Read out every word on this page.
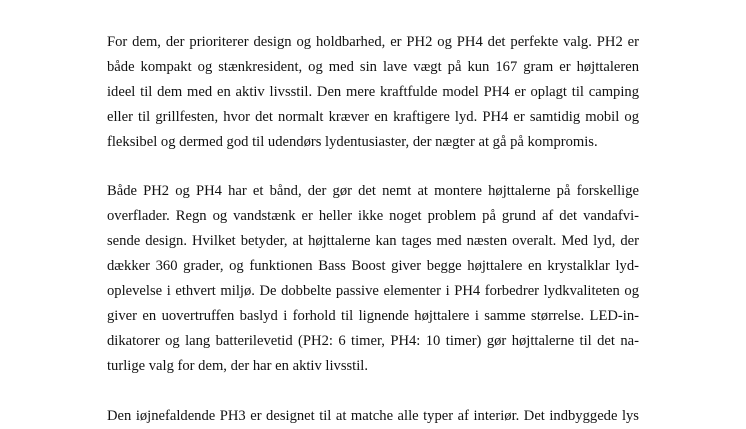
For dem, der prioriterer design og holdbarhed, er PH2 og PH4 det perfekte valg. PH2 er
både kompakt og stænkresident, og med sin lave vægt på kun 167 gram er højttaleren
ideel til dem med en aktiv livsstil. Den mere kraftfulde model PH4 er oplagt til camping
eller til grillfesten, hvor det normalt kræver en kraftigere lyd. PH4 er samtidig mobil og
fleksibel og dermed god til udendørs lydentusiaster, der nægter at gå på kompromis.
Både PH2 og PH4 har et bånd, der gør det nemt at montere højttalerne på forskellige
overflader. Regn og vandstænk er heller ikke noget problem på grund af det vandafvi-
sende design. Hvilket betyder, at højttalerne kan tages med næsten overalt. Med lyd, der
dækker 360 grader, og funktionen Bass Boost giver begge højttalere en krystalklar lyd-
oplevelse i ethvert miljø. De dobbelte passive elementer i PH4 forbedrer lydkvaliteten og
giver en uovertruffen baslyd i forhold til lignende højttalere i samme størrelse. LED-in-
dikatorer og lang batterilevetid (PH2: 6 timer, PH4: 10 timer) gør højttalerne til det na-
turlige valg for dem, der har en aktiv livsstil.
Den iøjnefaldende PH3 er designet til at matche alle typer af interiør. Det indbyggede lys
